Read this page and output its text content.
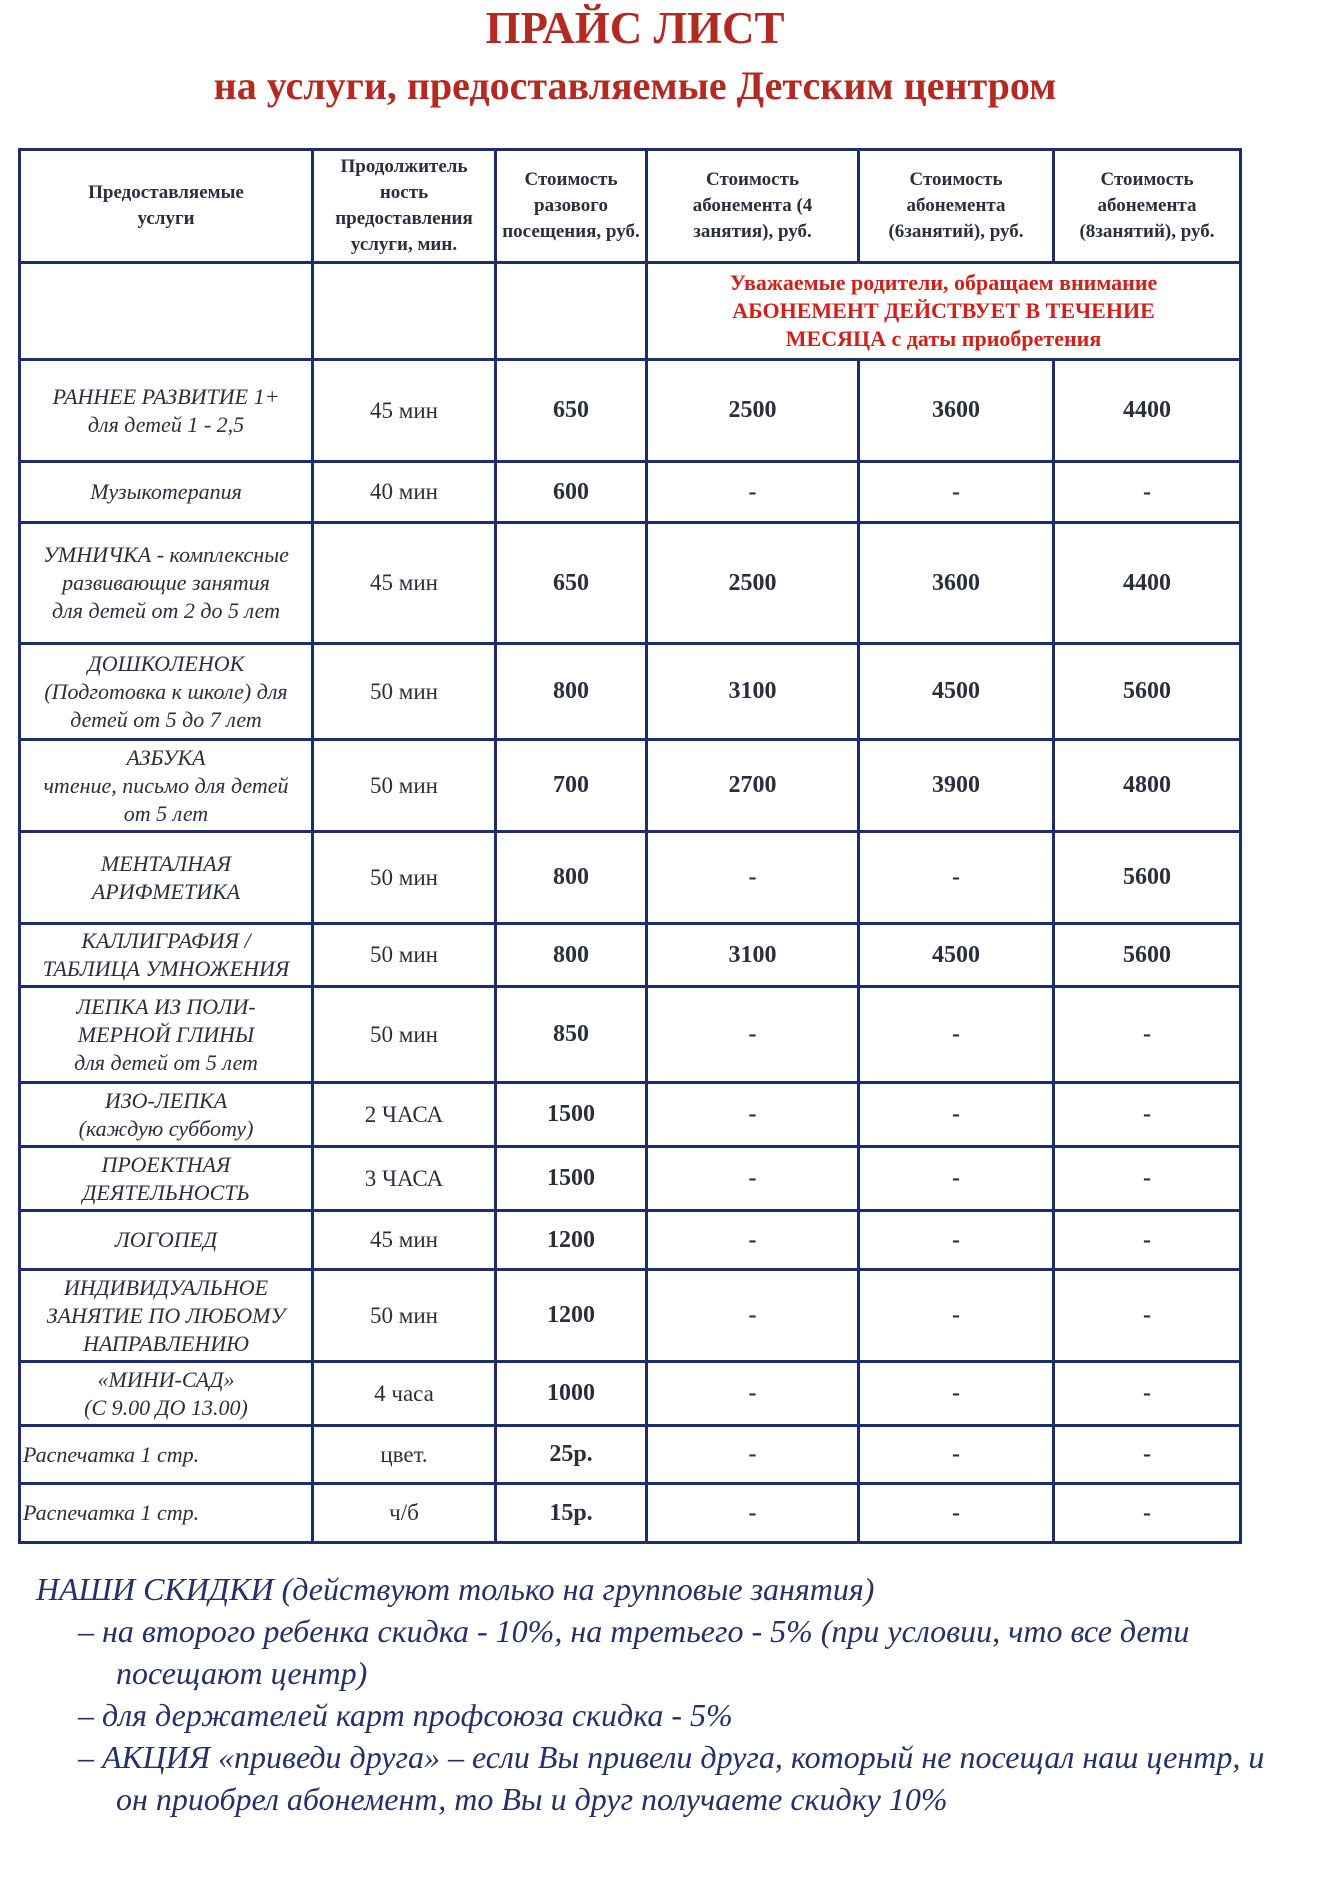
ПРАЙС ЛИСТ
на услуги, предоставляемые Детским центром
Предоставляемые услуги	Продолжитель ность предоставления услуги, мин.	Стоимость разового посещения, руб.	Стоимость абонемента (4 занятия), руб.	Стоимость абонемента (6занятий), руб.	Стоимость абонемента (8занятий), руб.

			Уважаемые родители, обращаем внимание
АБОНЕМЕНТ ДЕЙСТВУЕТ В ТЕЧЕНИЕ
МЕСЯЦА с даты приобретения		

РАННЕЕ РАЗВИТИЕ 1+
для детей 1 - 2,5	45 мин	650	2500	3600	4400

Музыкотерапия	40 мин	600	-	-	-

УМНИЧКА - комплексные
развивающие занятия
для детей от 2 до 5 лет	45 мин	650	2500	3600	4400

ДОШКОЛЕНОК
(Подготовка к школе) для
детей от 5 до 7 лет	50 мин	800	3100	4500	5600

АЗБУКА
чтение, письмо для детей
от 5 лет	50 мин	700	2700	3900	4800

МЕНТАЛНАЯ
АРИФМЕТИКА	50 мин	800	-	-	5600

КАЛЛИГРАФИЯ /
ТАБЛИЦА УМНОЖЕНИЯ	50 мин	800	3100	4500	5600

ЛЕПКА ИЗ ПОЛИ-
МЕРНОЙ ГЛИНЫ
для детей от 5 лет	50 мин	850	-	-	-

ИЗО-ЛЕПКА
(каждую субботу)	2 ЧАСА	1500	-	-	-

ПРОЕКТНАЯ
ДЕЯТЕЛЬНОСТЬ	3 ЧАСА	1500	-	-	-

ЛОГОПЕД	45 мин	1200	-	-	-

ИНДИВИДУАЛЬНОЕ
ЗАНЯТИЕ ПО ЛЮБОМУ
НАПРАВЛЕНИЮ	50 мин	1200	-	-	-

«МИНИ-САД»
(С 9.00 ДО 13.00)	4 часа	1000	-	-	-

Распечатка 1 стр.	цвет.	25р.	-	-	-

Распечатка 1 стр.	ч/б	15р.	-	-	-

НАШИ СКИДКИ (действуют только на групповые занятия)

– на второго ребенка скидка - 10%, на третьего - 5% (при условии, что все дети посещают центр)

– для держателей карт профсоюза скидка - 5%

– АКЦИЯ «приведи друга» – если Вы привели друга, который не посещал наш центр, и он приобрел абонемент, то Вы и друг получаете скидку 10%
